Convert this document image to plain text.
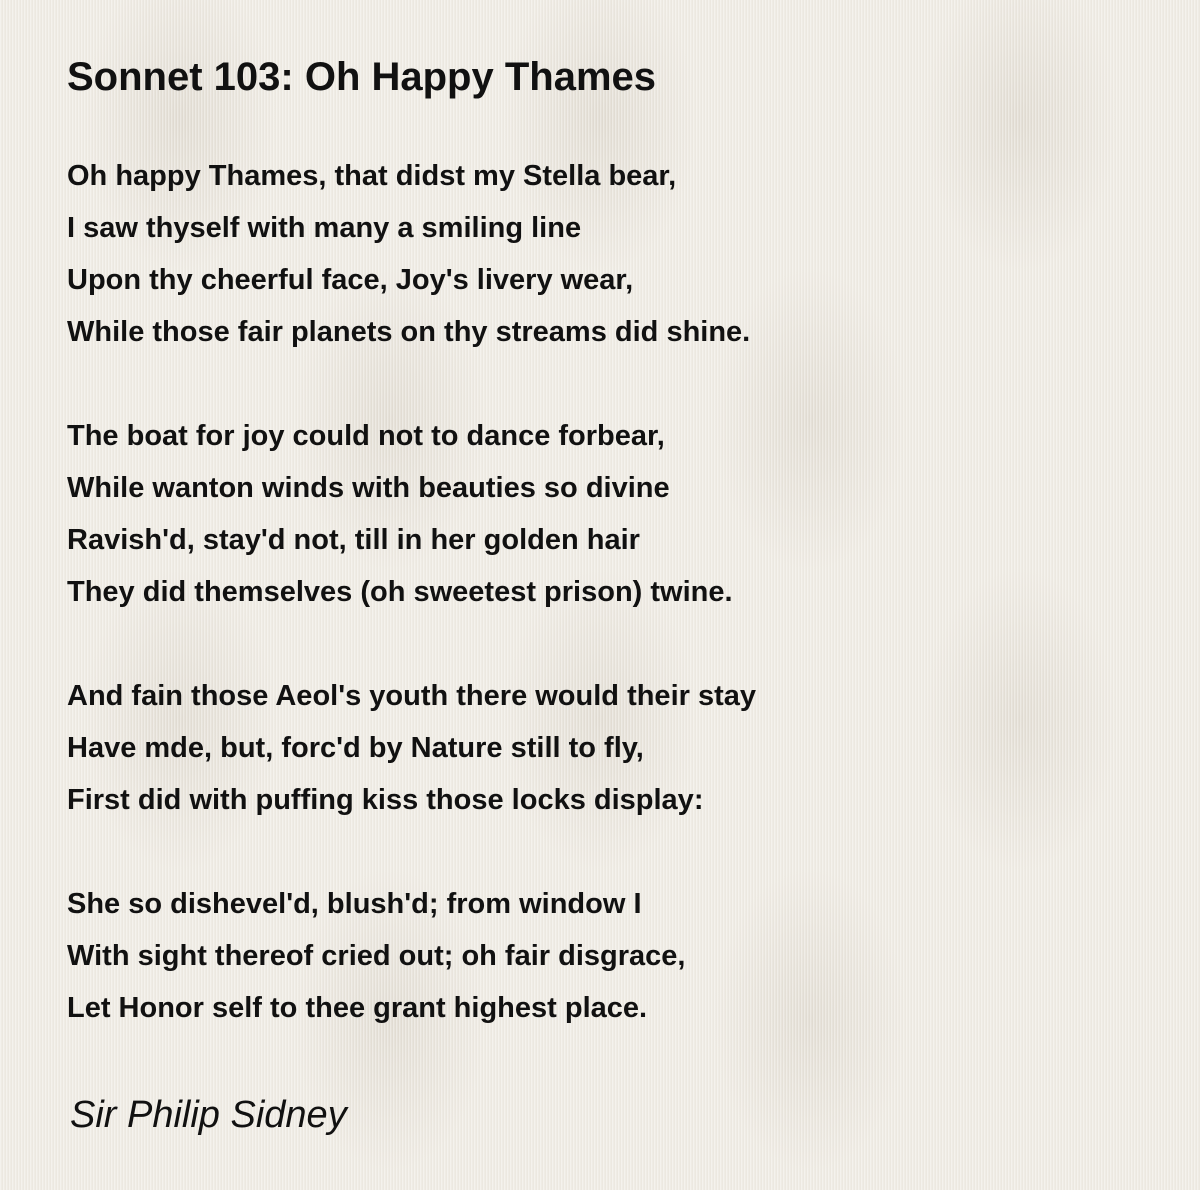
Sonnet 103: Oh Happy Thames
Oh happy Thames, that didst my Stella bear,
I saw thyself with many a smiling line
Upon thy cheerful face, Joy's livery wear,
While those fair planets on thy streams did shine.
The boat for joy could not to dance forbear,
While wanton winds with beauties so divine
Ravish'd, stay'd not, till in her golden hair
They did themselves (oh sweetest prison) twine.
And fain those Aeol's youth there would their stay
Have mde, but, forc'd by Nature still to fly,
First did with puffing kiss those locks display:
She so dishevel'd, blush'd; from window I
With sight thereof cried out; oh fair disgrace,
Let Honor self to thee grant highest place.
Sir Philip Sidney
